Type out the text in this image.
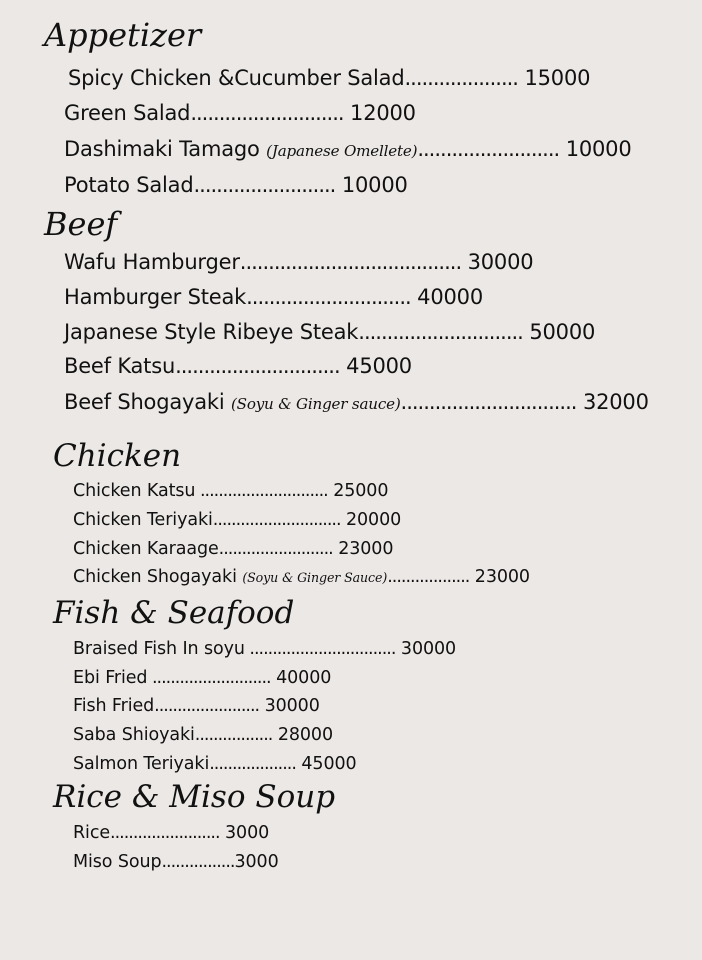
Appetizer
Spicy Chicken &Cucumber Salad.................... 15000
Green Salad........................... 12000
Dashimaki Tamago (Japanese Omellete)......................... 10000
Potato Salad......................... 10000
Beef
Wafu Hamburger....................................... 30000
Hamburger Steak............................. 40000
Japanese Style Ribeye Steak............................. 50000
Beef Katsu............................. 45000
Beef Shogayaki (Soyu & Ginger sauce)............................... 32000
Chicken
Chicken Katsu ............................ 25000
Chicken Teriyaki............................ 20000
Chicken Karaage......................... 23000
Chicken Shogayaki (Soyu & Ginger Sauce).................. 23000
Fish & Seafood
Braised Fish In soyu ................................ 30000
Ebi Fried .......................... 40000
Fish Fried....................... 30000
Saba Shioyaki................. 28000
Salmon Teriyaki................... 45000
Rice & Miso Soup
Rice........................ 3000
Miso Soup................3000
